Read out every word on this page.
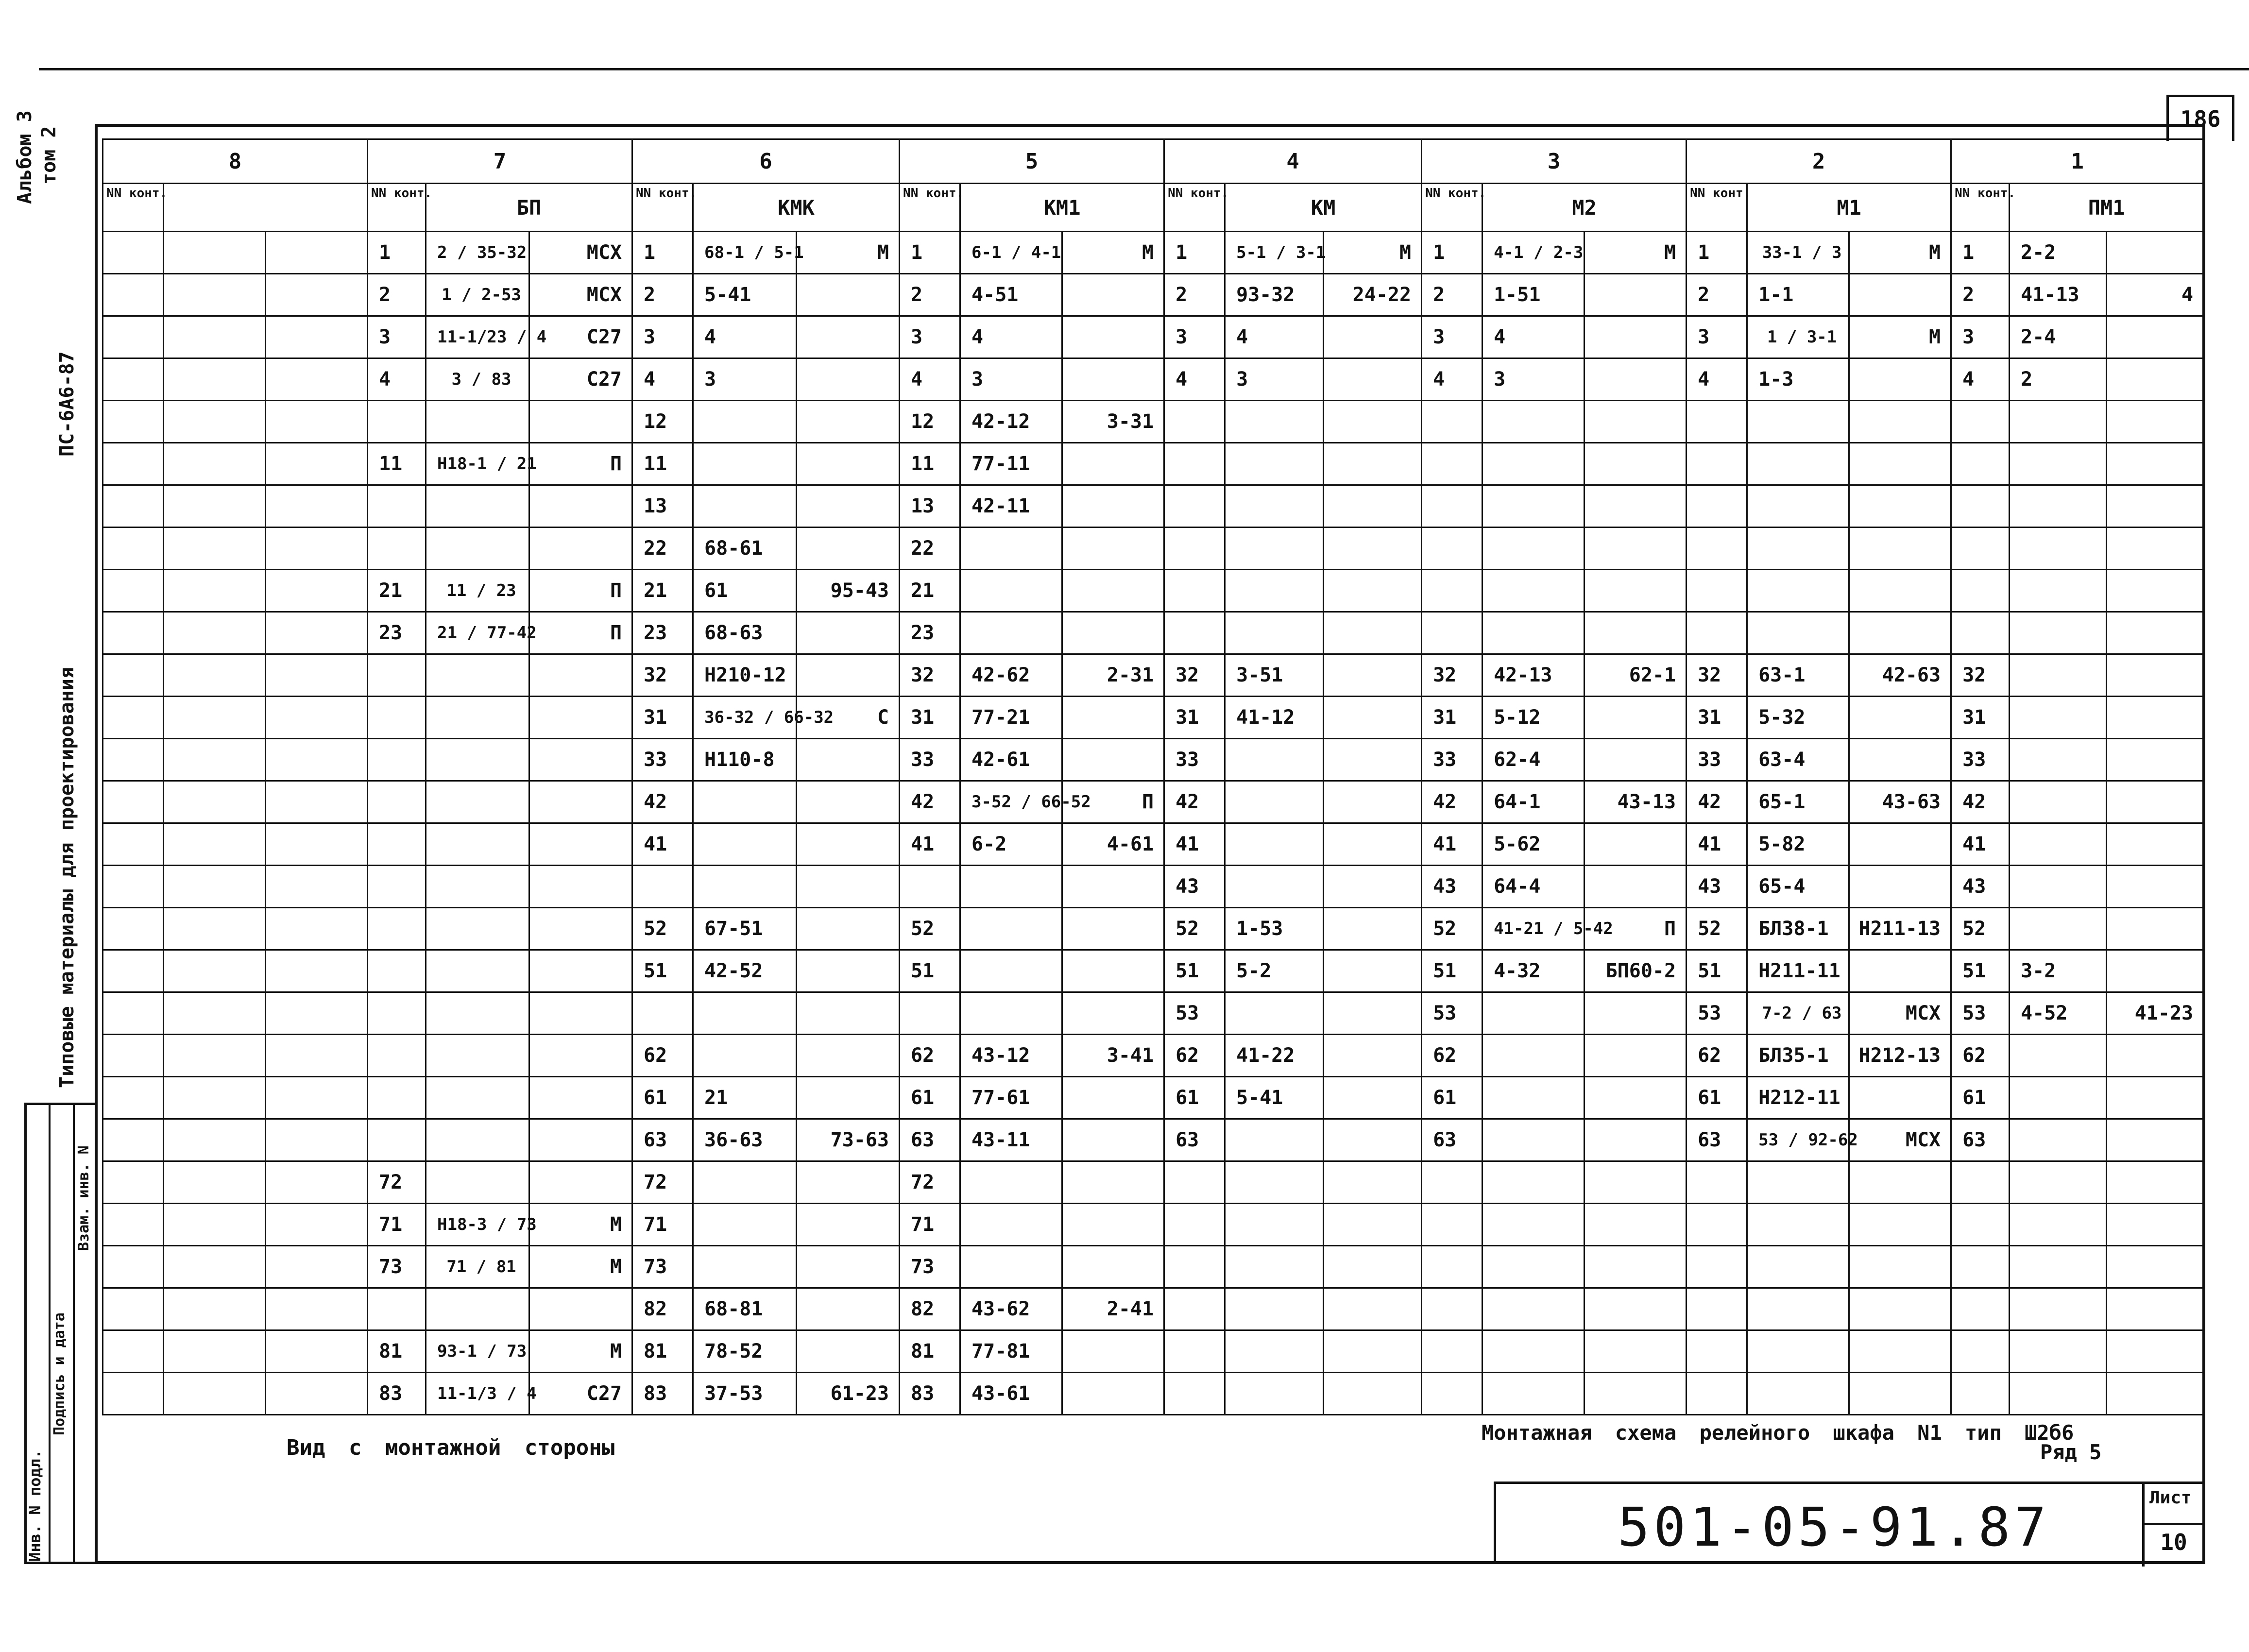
186
Альбом 3 том 2
ПС-6А6-87
Типовые материалы для проектирования
Инв. N подл.
Подпись и дата
Взам. инв. N
8			7			6			5			4			3			2			1		
NN конт.			NN конт.	БП		NN конт.	КМК		NN конт.	КМ1		NN конт.	КМ		NN конт.	М2		NN конт.	М1		NN конт.	ПМ1	
			1	2 / 35-32	МСХ	1	68-1 / 5-1	М	1	6-1 / 4-1	М	1	5-1 / 3-1	М	1	4-1 / 2-3	М	1	33-1 / 3	М	1	2-2	
			2	1 / 2-53	МСХ	2	5-41		2	4-51		2	93-32	24-22	2	1-51		2	1-1		2	41-13	4
			3	11-1/23 / 4	С27	3	4		3	4		3	4		3	4		3	1 / 3-1	М	3	2-4	
			4	3 / 83	С27	4	3		4	3		4	3		4	3		4	1-3		4	2	
						12			12	42-12	3-31												
			11	Н18-1 / 21	П	11			11	77-11													
						13			13	42-11													
						22	68-61		22														
			21	11 / 23	П	21	61	95-43	21														
			23	21 / 77-42	П	23	68-63		23														
						32	Н210-12		32	42-62	2-31	32	3-51		32	42-13	62-1	32	63-1	42-63	32		
						31	36-32 / 66-32	С	31	77-21		31	41-12		31	5-12		31	5-32		31		
						33	Н110-8		33	42-61		33			33	62-4		33	63-4		33		
						42			42	3-52 / 66-52	П	42			42	64-1	43-13	42	65-1	43-63	42		
						41			41	6-2	4-61	41			41	5-62		41	5-82		41		
												43			43	64-4		43	65-4		43		
						52	67-51		52			52	1-53		52	41-21 / 5-42	П	52	БЛ38-1	Н211-13	52		
						51	42-52		51			51	5-2		51	4-32	БП60-2	51	Н211-11		51	3-2	
												53			53			53	7-2 / 63	МСХ	53	4-52	41-23
						62			62	43-12	3-41	62	41-22		62			62	БЛ35-1	Н212-13	62		
						61	21		61	77-61		61	5-41		61			61	Н212-11		61		
						63	36-63	73-63	63	43-11		63			63			63	53 / 92-62	МСХ	63		
			72			72			72														
			71	Н18-3 / 73	М	71			71														
			73	71 / 81	М	73			73														
						82	68-81		82	43-62	2-41												
			81	93-1 / 73	М	81	78-52		81	77-81													
			83	11-1/3 / 4	С27	83	37-53	61-23	83	43-61													
Вид с монтажной стороны
Монтажная схема релейного шкафа N1 тип Ш2б6
Ряд 5
501-05-91.87	Лист
10
